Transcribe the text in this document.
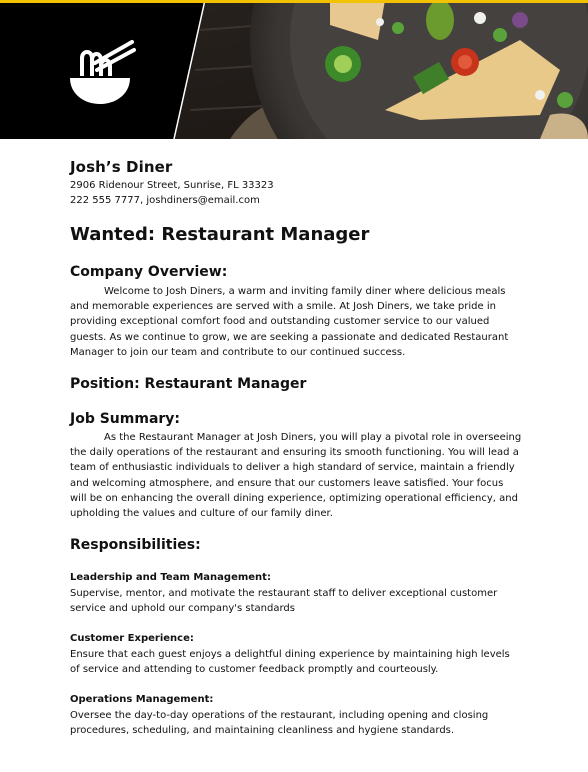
Josh’s Diner
2906 Ridenour Street, Sunrise, FL 33323
222 555 7777, joshdiners@email.com
Wanted: Restaurant Manager
Company Overview:

Welcome to Josh Diners, a warm and inviting family diner where delicious meals and memorable experiences are served with a smile. At Josh Diners, we take pride in providing exceptional comfort food and outstanding customer service to our valued guests. As we continue to grow, we are seeking a passionate and dedicated Restaurant Manager to join our team and contribute to our continued success.

Position: Restaurant Manager
Job Summary:

As the Restaurant Manager at Josh Diners, you will play a pivotal role in overseeing the daily operations of the restaurant and ensuring its smooth functioning. You will lead a team of enthusiastic individuals to deliver a high standard of service, maintain a friendly and welcoming atmosphere, and ensure that our customers leave satisfied. Your focus will be on enhancing the overall dining experience, optimizing operational efficiency, and upholding the values and culture of our family diner.

Responsibilities:
Leadership and Team Management:

Supervise, mentor, and motivate the restaurant staff to deliver exceptional customer service and uphold our company's standards

Customer Experience:

Ensure that each guest enjoys a delightful dining experience by maintaining high levels of service and attending to customer feedback promptly and courteously.

Operations Management:

Oversee the day-to-day operations of the restaurant, including opening and closing procedures, scheduling, and maintaining cleanliness and hygiene standards.
